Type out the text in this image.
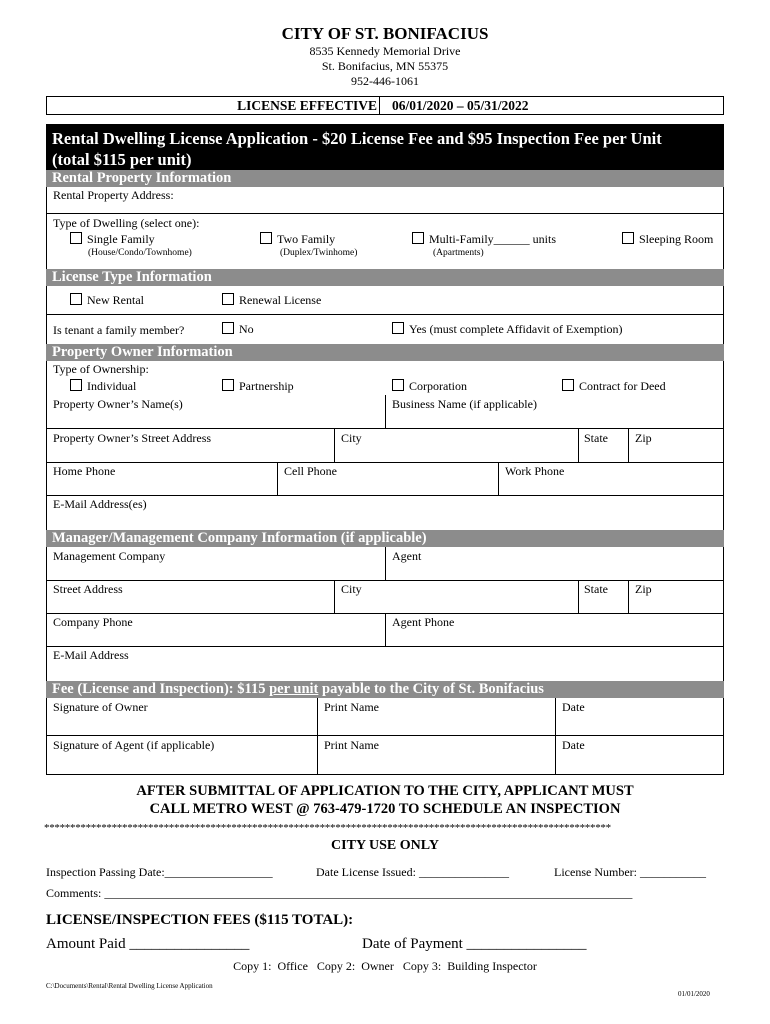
CITY OF ST. BONIFACIUS
8535 Kennedy Memorial Drive
St. Bonifacius, MN 55375
952-446-1061
LICENSE EFFECTIVE 06/01/2020 – 05/31/2022
Rental Dwelling License Application - $20 License Fee and $95 Inspection Fee per Unit
(total $115 per unit)
Rental Property Information
Rental Property Address:
Type of Dwelling (select one):
Single Family
(House/Condo/Townhome)
Two Family
(Duplex/Twinhome)
Multi-Family______ units
(Apartments)
Sleeping Room
License Type Information
New Rental	Renewal License
Is tenant a family member?	No	Yes (must complete Affidavit of Exemption)
Property Owner Information
Type of Ownership:
Individual	Partnership	Corporation	Contract for Deed
Property Owner’s Name(s)	Business Name (if applicable)
Property Owner’s Street Address	City	State Zip
Home Phone	Cell Phone	Work Phone
E-Mail Address(es)
Manager/Management Company Information (if applicable)
Management Company	Agent
Street Address	City	State Zip
Company Phone	Agent Phone
E-Mail Address
Fee (License and Inspection): $115 per unit payable to the City of St. Bonifacius
Signature of Owner	Print Name	Date
Signature of Agent (if applicable)	Print Name	Date
AFTER SUBMITTAL OF APPLICATION TO THE CITY, APPLICANT MUST
CALL METRO WEST @ 763-479-1720 TO SCHEDULE AN INSPECTION
*************************************************************************************************************
CITY USE ONLY
Inspection Passing Date:__________________	Date License Issued: _______________	License Number: ___________
Comments: ________________________________________________________________________________________
LICENSE/INSPECTION FEES ($115 TOTAL):
Amount Paid ________________	Date of Payment ________________
Copy 1:  Office   Copy 2:  Owner   Copy 3:  Building Inspector
C:\Documents\Rental\Rental Dwelling License Application
01/01/2020
